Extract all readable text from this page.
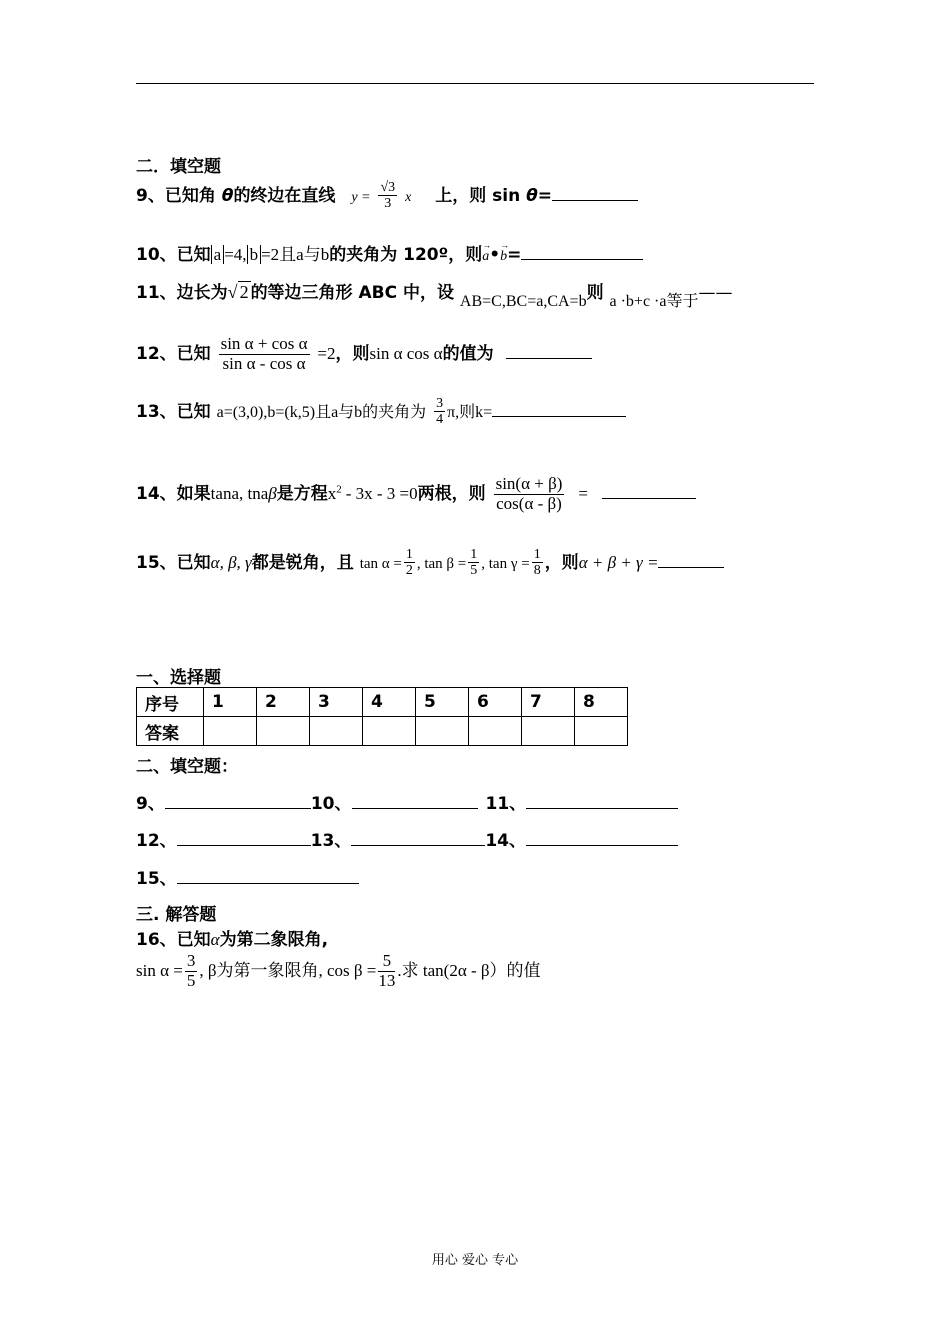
二．填空题
9、已知角 θ的终边在直线 $y = \frac{√3}{3}$ x 上，则 sin θ=
10、已知 a =4, b =2且a与b的夹角为 120º，则→ a•→ b=
11、边长为√ 2 的等边三角形 ABC 中，设 AB=C,BC=a,CA=b则 a ·b+c ·a等于——
12、已知 $\frac{\text{sin α + cos α}}{\text{sin α - cos α}} =2$，则sin α cos α的值为
13、已知 a=(3,0),b=(k,5)且a与b的夹角为 $\frac{3}{4} \pi$,则k=
14、如果tana, tnaβ是方程$x^2 - 3x - 3 =0$两根，则 $\frac{\sin(\alpha + \beta)}{\cos(\alpha - \beta)}$ =
15、已知α, β, γ都是锐角，且 $\tan \alpha = \frac{1}{2}$ , $\tan \beta = \frac{1}{5}$ , $\tan \gamma = \frac{1}{8}$ ，则α + β + γ =
一、选择题
序号	1	2	3	4	5	6	7	8
答案								
二、填空题：
9、	10、	11、
12、	13、	14、
15、
三. 解答题
16、已知α为第二象限角,
$\sin \alpha = \frac{3}{5}$ , β为第一象限角, $\cos \beta = \frac{5}{13}$ .求 tan(2α - β）的值
用心 爱心 专心
